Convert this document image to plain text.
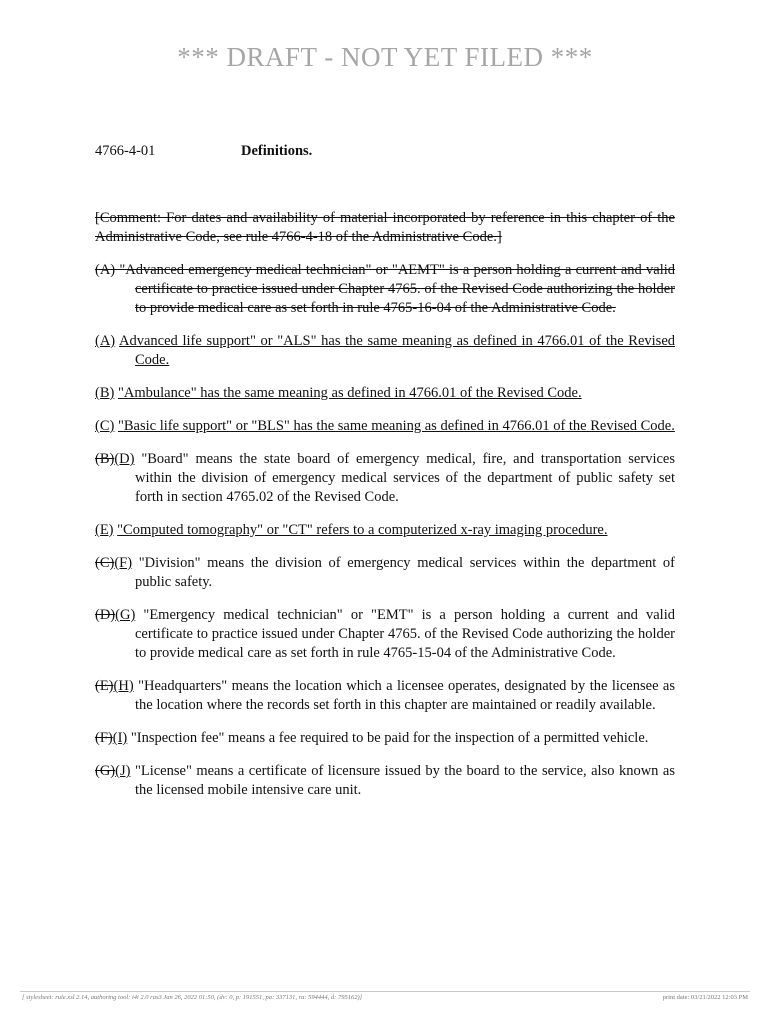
*** DRAFT - NOT YET FILED ***
4766-4-01	Definitions.

[Comment: For dates and availability of material incorporated by reference in this chapter of the Administrative Code, see rule 4766-4-18 of the Administrative Code.]

(A) "Advanced emergency medical technician" or "AEMT" is a person holding a current and valid certificate to practice issued under Chapter 4765. of the Revised Code authorizing the holder to provide medical care as set forth in rule 4765-16-04 of the Administrative Code.

(A) Advanced life support" or "ALS" has the same meaning as defined in 4766.01 of the Revised Code.

(B) "Ambulance" has the same meaning as defined in 4766.01 of the Revised Code.

(C) "Basic life support" or "BLS" has the same meaning as defined in 4766.01 of the Revised Code.

(B)(D) "Board" means the state board of emergency medical, fire, and transportation services within the division of emergency medical services of the department of public safety set forth in section 4765.02 of the Revised Code.

(E) "Computed tomography" or "CT" refers to a computerized x-ray imaging procedure.

(C)(F) "Division" means the division of emergency medical services within the department of public safety.

(D)(G) "Emergency medical technician" or "EMT" is a person holding a current and valid certificate to practice issued under Chapter 4765. of the Revised Code authorizing the holder to provide medical care as set forth in rule 4765-15-04 of the Administrative Code.

(E)(H) "Headquarters" means the location which a licensee operates, designated by the licensee as the location where the records set forth in this chapter are maintained or readily available.

(F)(I) "Inspection fee" means a fee required to be paid for the inspection of a permitted vehicle.

(G)(J) "License" means a certificate of licensure issued by the board to the service, also known as the licensed mobile intensive care unit.

[ stylesheet: rule.xsl 2.14, authoring tool: i4i 2.0 ras3 Jan 26, 2022 01:50, (dv: 0, p: 191551, pa: 337131, ra: 594444, d: 795162)]	print date: 03/21/2022 12:03 PM
